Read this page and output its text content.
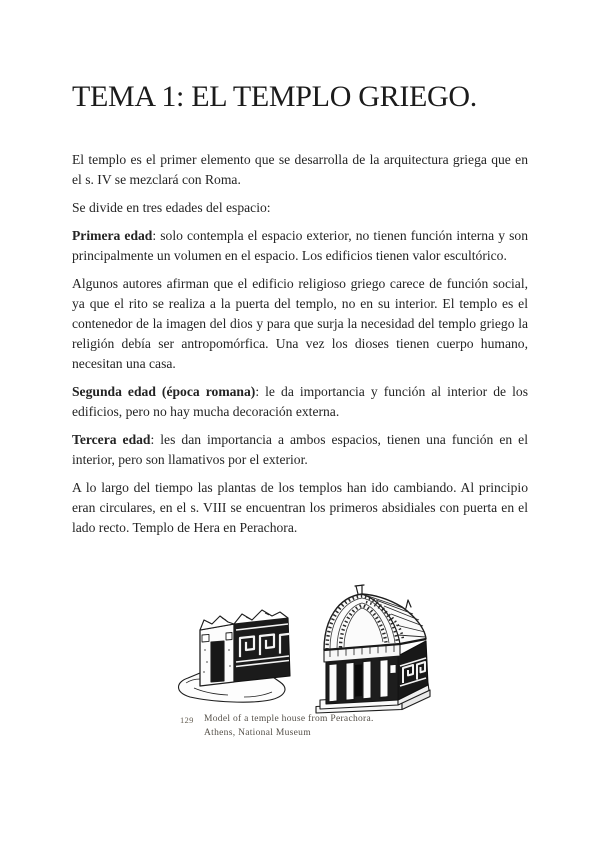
TEMA 1: EL TEMPLO GRIEGO.

El templo es el primer elemento que se desarrolla de la arquitectura griega que en el s. IV se mezclará con Roma.

Se divide en tres edades del espacio:

Primera edad: solo contempla el espacio exterior, no tienen función interna y son principalmente un volumen en el espacio. Los edificios tienen valor escultórico.

Algunos autores afirman que el edificio religioso griego carece de función social, ya que el rito se realiza a la puerta del templo, no en su interior. El templo es el contenedor de la imagen del dios y para que surja la necesidad del templo griego la religión debía ser antropomórfica. Una vez los dioses tienen cuerpo humano, necesitan una casa.

Segunda edad (época romana): le da importancia y función al interior de los edificios, pero no hay mucha decoración externa.

Tercera edad: les dan importancia a ambos espacios, tienen una función en el interior, pero son llamativos por el exterior.

A lo largo del tiempo las plantas de los templos han ido cambiando. Al principio eran circulares, en el s. VIII se encuentran los primeros absidiales con puerta en el lado recto. Templo de Hera en Perachora.

129	Model of a temple house from Perachora.
Athens, National Museum
